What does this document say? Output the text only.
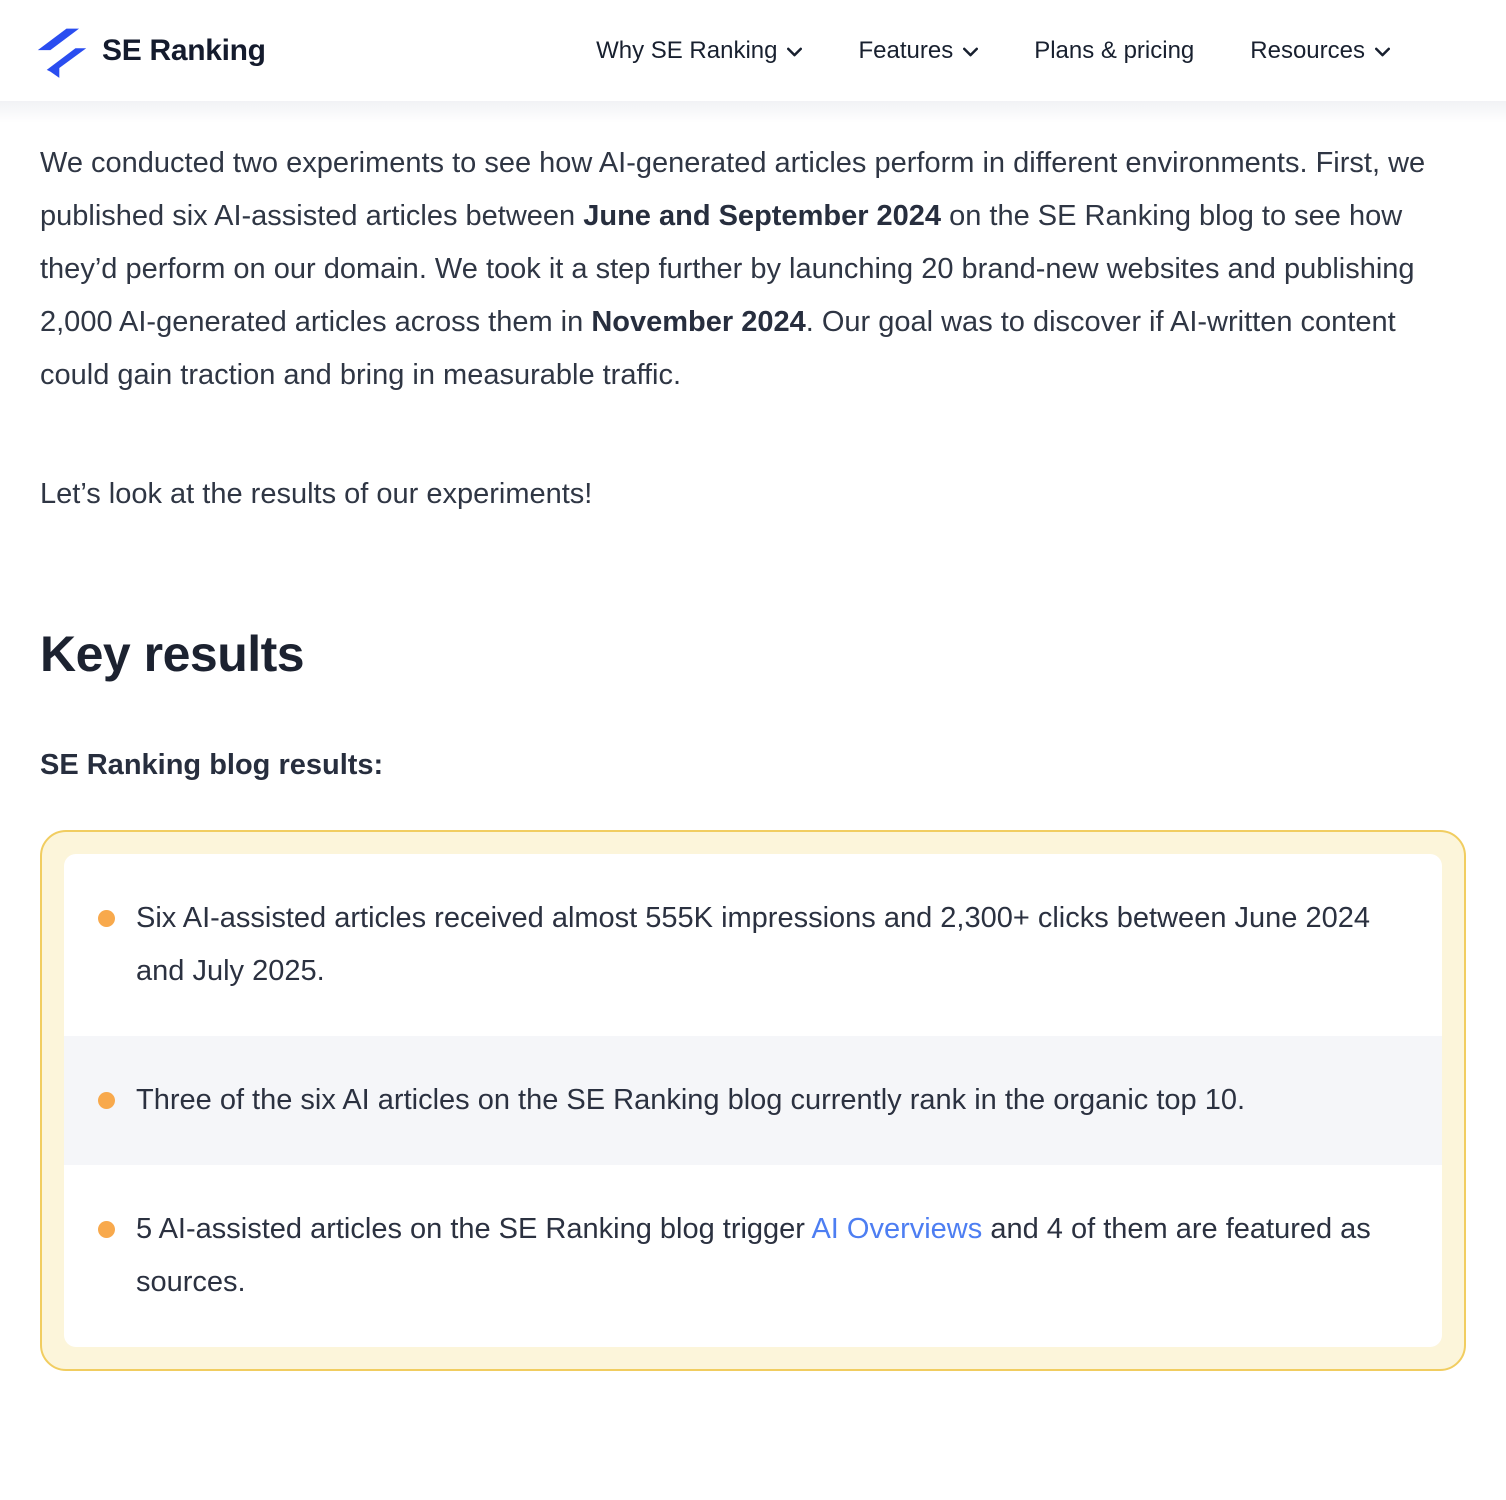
SE Ranking	Why SE Ranking	Features	Plans & pricing Resources

We conducted two experiments to see how AI-generated articles perform in different environments. First, we published six AI-assisted articles between June and September 2024 on the SE Ranking blog to see how they’d perform on our domain. We took it a step further by launching 20 brand-new websites and publishing 2,000 AI-generated articles across them in November 2024. Our goal was to discover if AI-written content could gain traction and bring in measurable traffic.

Let’s look at the results of our experiments!

Key results

SE Ranking blog results:

Six AI-assisted articles received almost 555K impressions and 2,300+ clicks between June 2024 and July 2025.
Three of the six AI articles on the SE Ranking blog currently rank in the organic top 10.
5 AI-assisted articles on the SE Ranking blog trigger AI Overviews and 4 of them are featured as sources.
